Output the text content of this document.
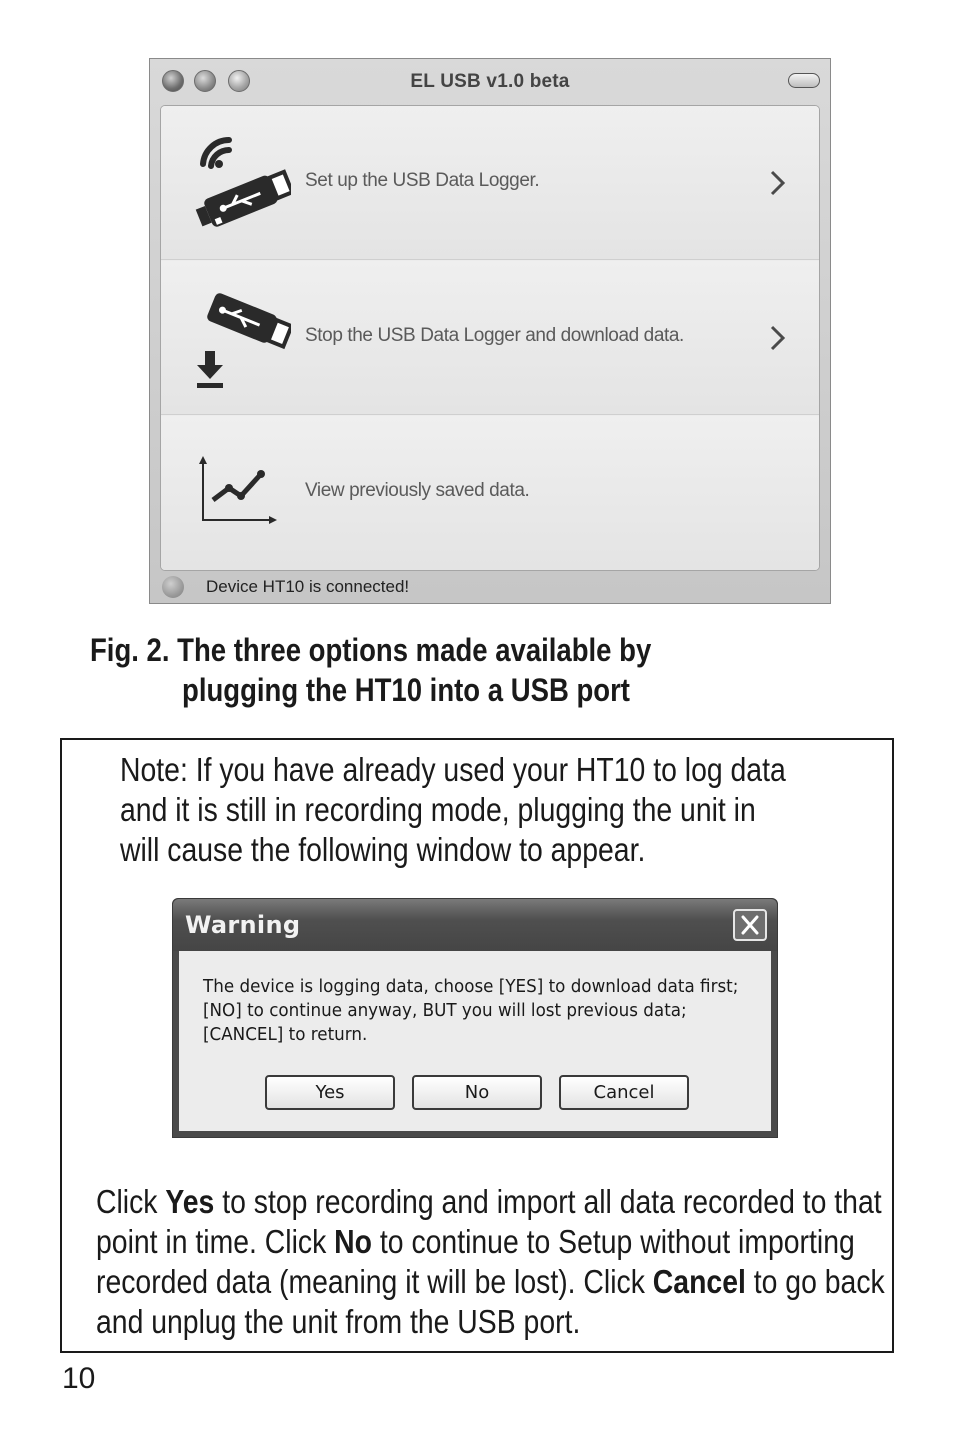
EL USB v1.0 beta
Set up the USB Data Logger.
Stop the USB Data Logger and download data.
View previously saved data.
Device HT10 is connected!
Fig. 2. The three options made available by
plugging the HT10 into a USB port
Note: If you have already used your HT10 to log data
and it is still in recording mode, plugging the unit in
will cause the following window to appear.
Warning
The device is logging data, choose [YES] to download data first;
[NO] to continue anyway, BUT you will lost previous data;
[CANCEL] to return.
Yes	No	Cancel
Click Yes to stop recording and import all data recorded to that point in time. Click No to continue to Setup without importing recorded data (meaning it will be lost). Click Cancel to go back and unplug the unit from the USB port.
10
